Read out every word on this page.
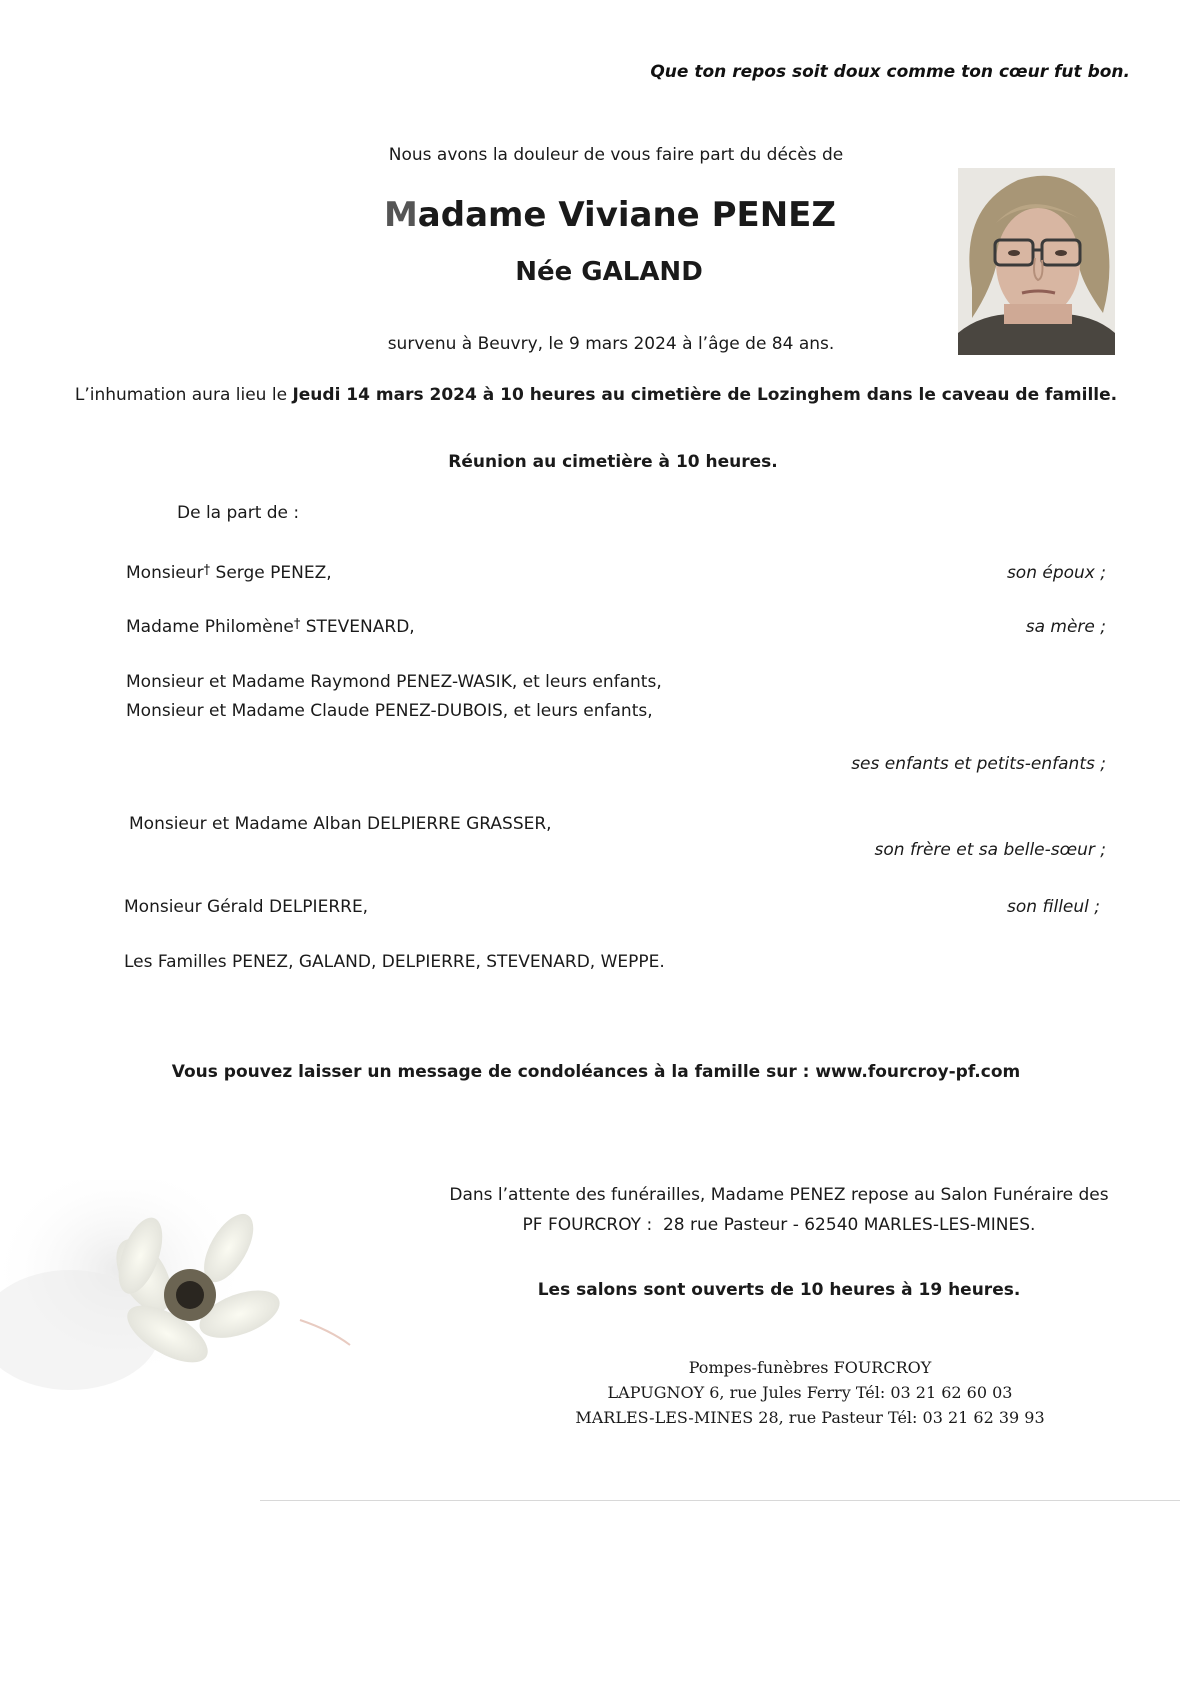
Que ton repos soit doux comme ton cœur fut bon.
Nous avons la douleur de vous faire part du décès de
Madame Viviane PENEZ
Née GALAND
survenu à Beuvry, le 9 mars 2024 à l’âge de 84 ans.
L’inhumation aura lieu le Jeudi 14 mars 2024 à 10 heures au cimetière de Lozinghem dans le caveau de famille.
Réunion au cimetière à 10 heures.
De la part de :
Monsieur† Serge PENEZ,	son époux ;
Madame Philomène† STEVENARD,	sa mère ;
Monsieur et Madame Raymond PENEZ-WASIK, et leurs enfants,
Monsieur et Madame Claude PENEZ-DUBOIS, et leurs enfants,
ses enfants et petits-enfants ;
Monsieur et Madame Alban DELPIERRE GRASSER,
son frère et sa belle-sœur ;
Monsieur Gérald DELPIERRE,	son filleul ;
Les Familles PENEZ, GALAND, DELPIERRE, STEVENARD, WEPPE.
Vous pouvez laisser un message de condoléances à la famille sur : www.fourcroy-pf.com
Dans l’attente des funérailles, Madame PENEZ repose au Salon Funéraire des
PF FOURCROY :  28 rue Pasteur - 62540 MARLES-LES-MINES.
Les salons sont ouverts de 10 heures à 19 heures.
Pompes-funèbres FOURCROY
LAPUGNOY 6, rue Jules Ferry Tél: 03 21 62 60 03
MARLES-LES-MINES 28, rue Pasteur Tél: 03 21 62 39 93
